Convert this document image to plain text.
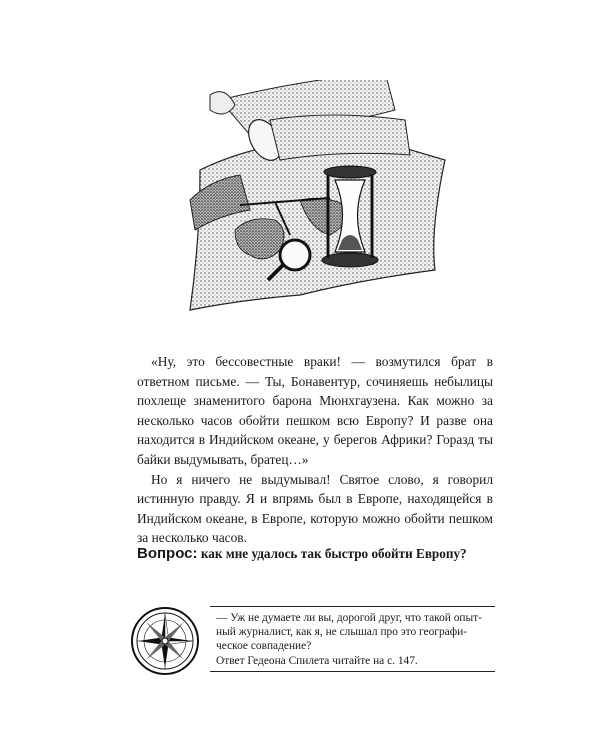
«Ну, это бессовестные враки! — возмутился брат в ответном письме. — Ты, Бонавентур, сочиняешь небылицы похлеще знаменитого барона Мюнхгаузена. Как можно за несколько часов обойти пешком всю Европу? И разве она находится в Индийском океане, у берегов Африки? Горазд ты байки выдумывать, братец…»

Но я ничего не выдумывал! Святое слово, я говорил истинную правду. Я и впрямь был в Европе, находящейся в Индийском океане, в Европе, которую можно обойти пешком за несколько часов.

Вопрос: как мне удалось так быстро обойти Европу?
— Уж не думаете ли вы, дорогой друг, что такой опыт-
ный журналист, как я, не слышал про это географи-
ческое совпадение?
Ответ Гедеона Спилета читайте на с. 147.
